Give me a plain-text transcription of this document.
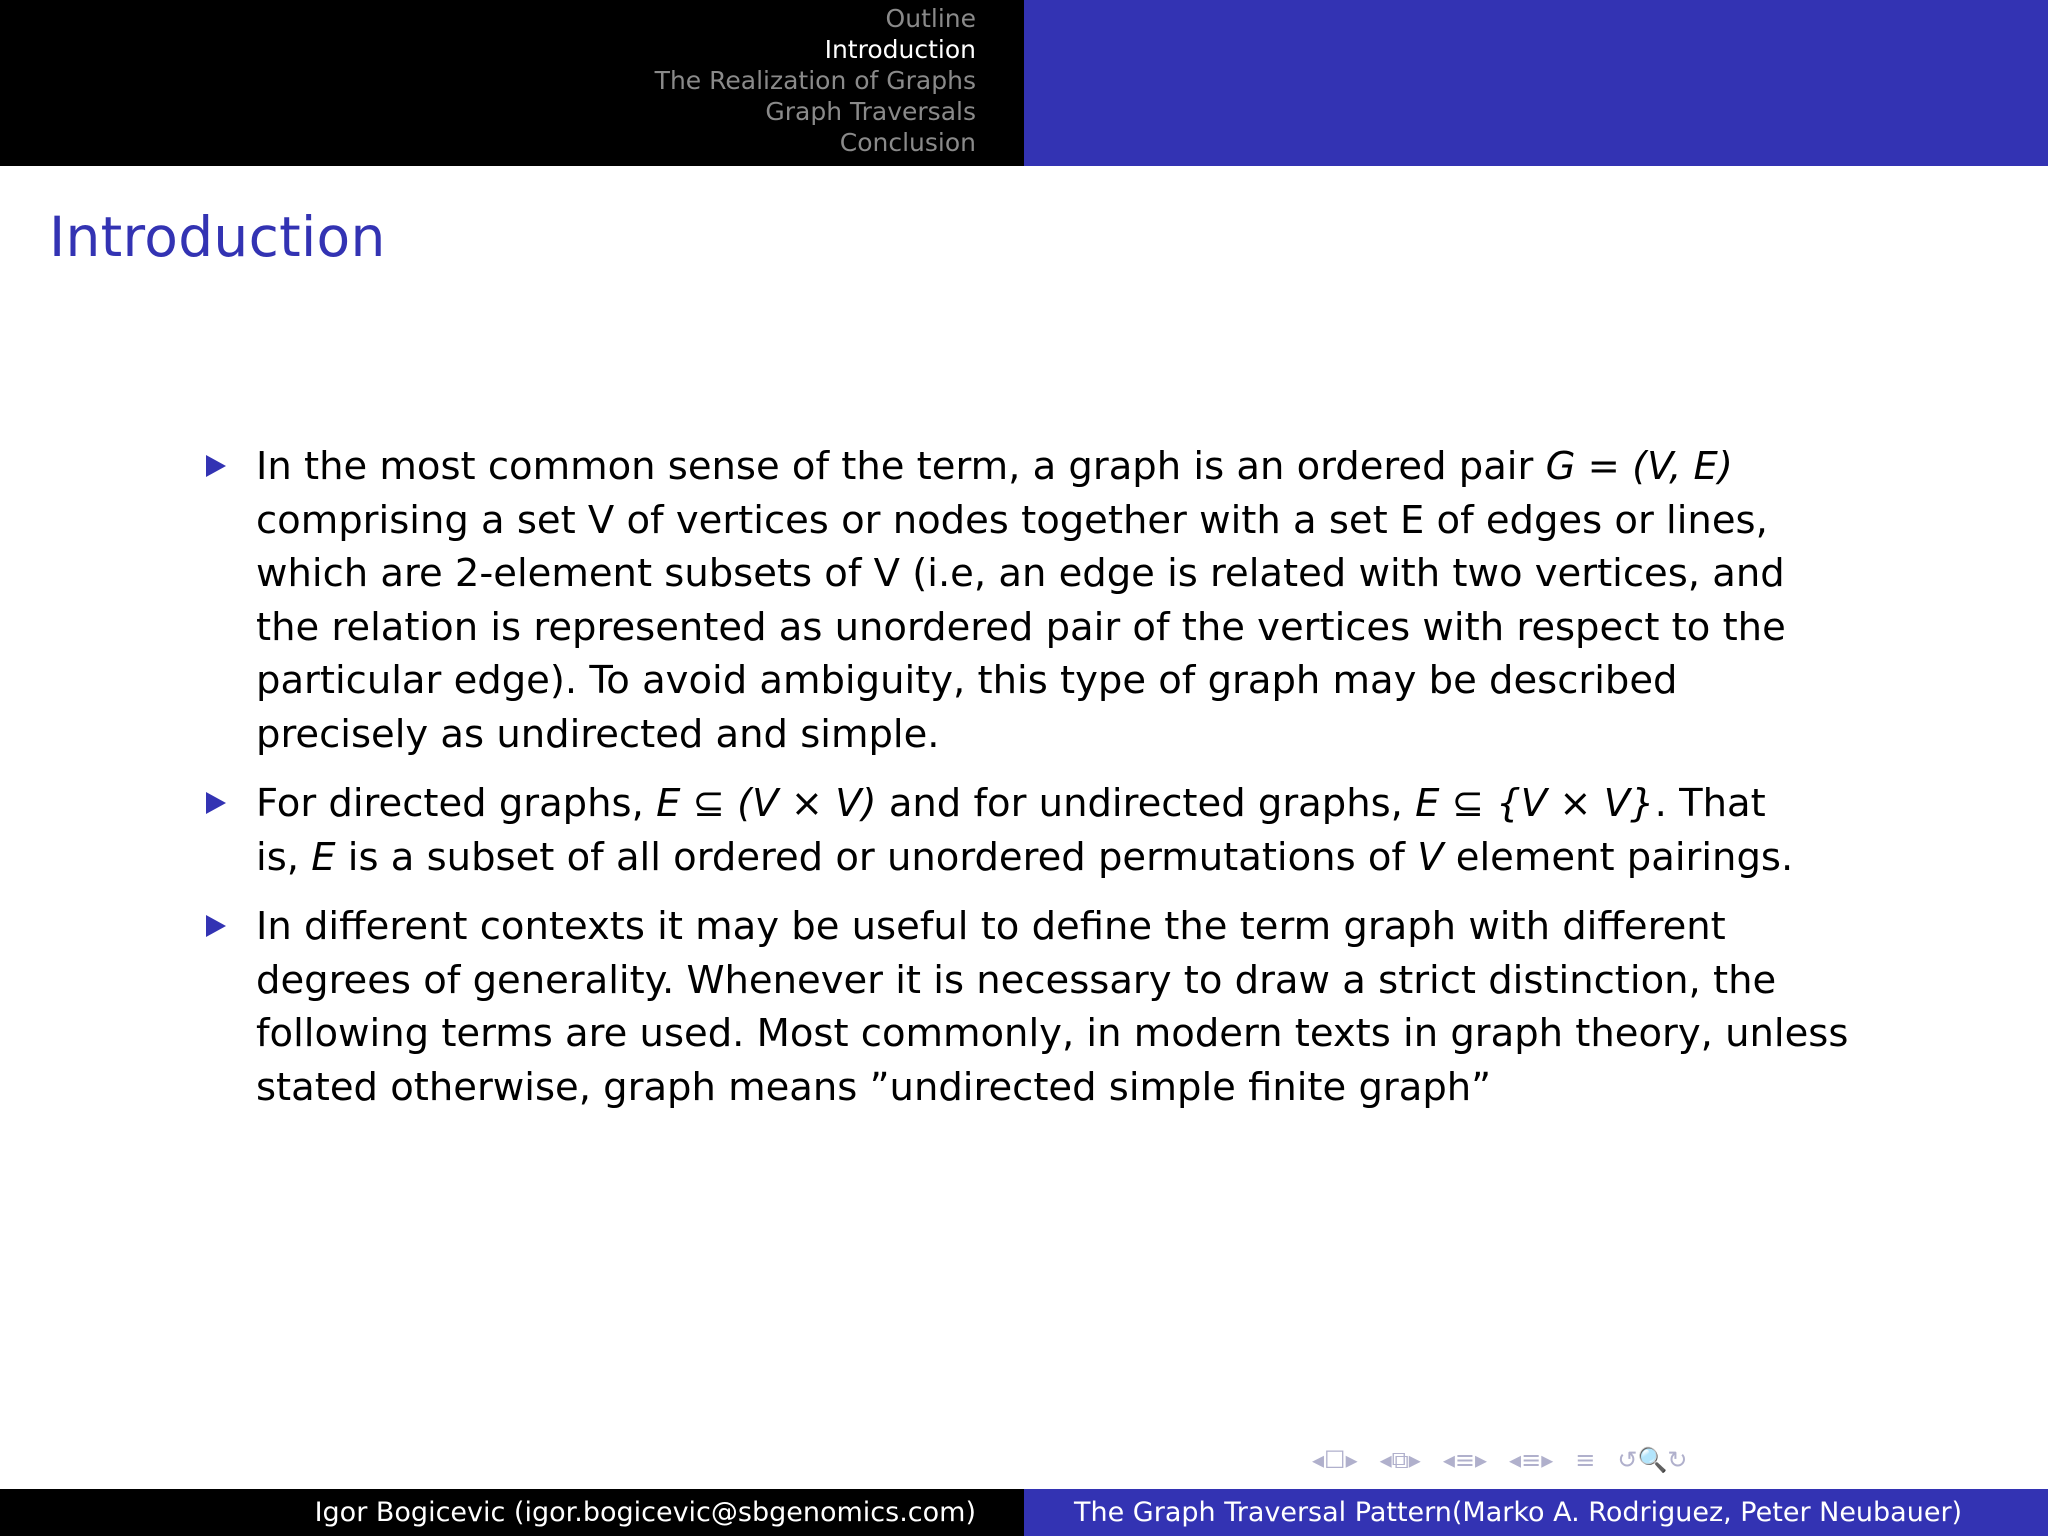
Outline
Introduction
The Realization of Graphs
Graph Traversals
Conclusion
Introduction
In the most common sense of the term, a graph is an ordered pair G = (V, E)
comprising a set V of vertices or nodes together with a set E of edges or lines,
which are 2-element subsets of V (i.e, an edge is related with two vertices, and
the relation is represented as unordered pair of the vertices with respect to the
particular edge). To avoid ambiguity, this type of graph may be described
precisely as undirected and simple.
For directed graphs, E ⊆ (V × V) and for undirected graphs, E ⊆ {V × V}. That
is, E is a subset of all ordered or unordered permutations of V element pairings.
In different contexts it may be useful to define the term graph with different
degrees of generality. Whenever it is necessary to draw a strict distinction, the
following terms are used. Most commonly, in modern texts in graph theory, unless
stated otherwise, graph means ”undirected simple finite graph”
◂ ☐ ▸ ◂ ⧉ ▸ ◂ ≡ ▸ ◂ ≡ ▸ ≡ ↺ 🔍 ↻
Igor Bogicevic (igor.bogicevic@sbgenomics.com)	The Graph Traversal Pattern(Marko A. Rodriguez, Peter Neubauer)
